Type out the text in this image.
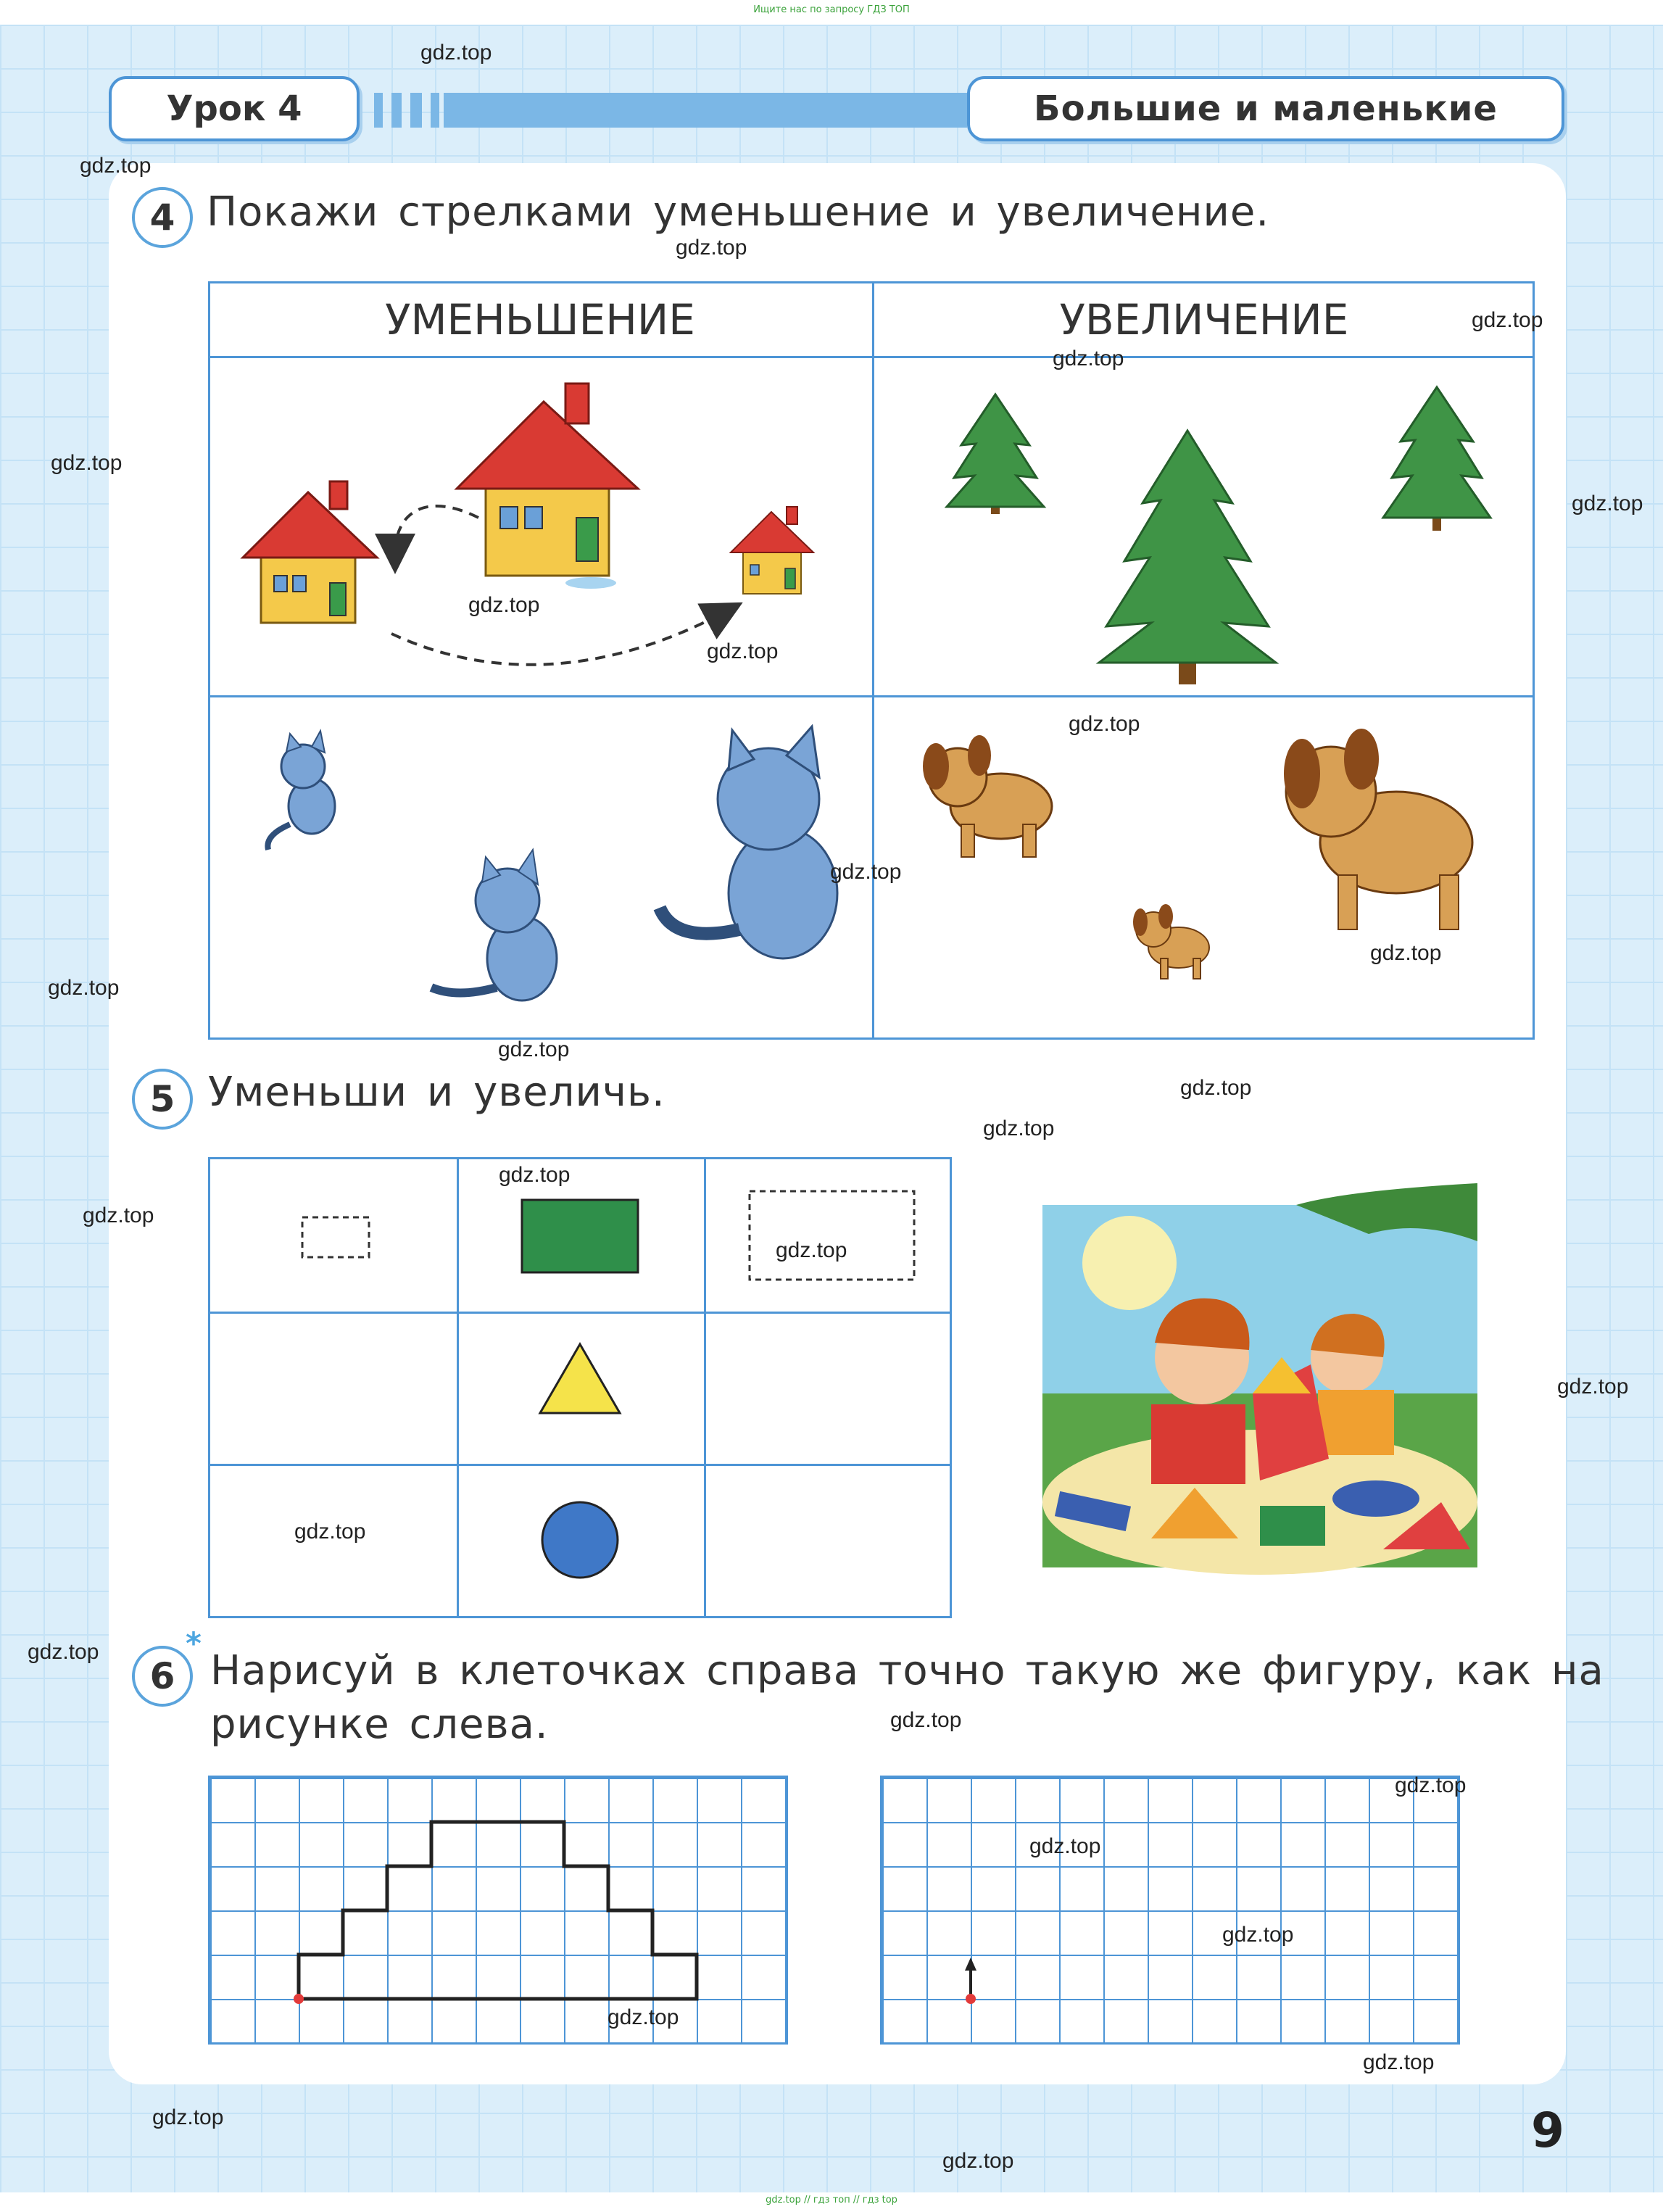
Ищите нас по запросу ГДЗ ТОП
Урок 4	Большие и маленькие
4 Покажи стрелками уменьшение и увеличение.
УМЕНЬШЕНИЕ	УВЕЛИЧЕНИЕ
5 Уменьши и увеличь.
*
6 Нарисуй в клеточках справа точно такую же фигуру, как на
рисунке слева.
9
gdz.top
gdz.top
gdz.top
gdz.top
gdz.top
gdz.top
gdz.top
gdz.top
gdz.top
gdz.top
gdz.top
gdz.top
gdz.top
gdz.top
gdz.top
gdz.top
gdz.top
gdz.top
gdz.top
gdz.top
gdz.top
gdz.top
gdz.top
gdz.top
gdz.top
gdz.top
gdz.top
gdz.top
gdz.top
gdz.top
gdz.top // гдз топ // гдз top
